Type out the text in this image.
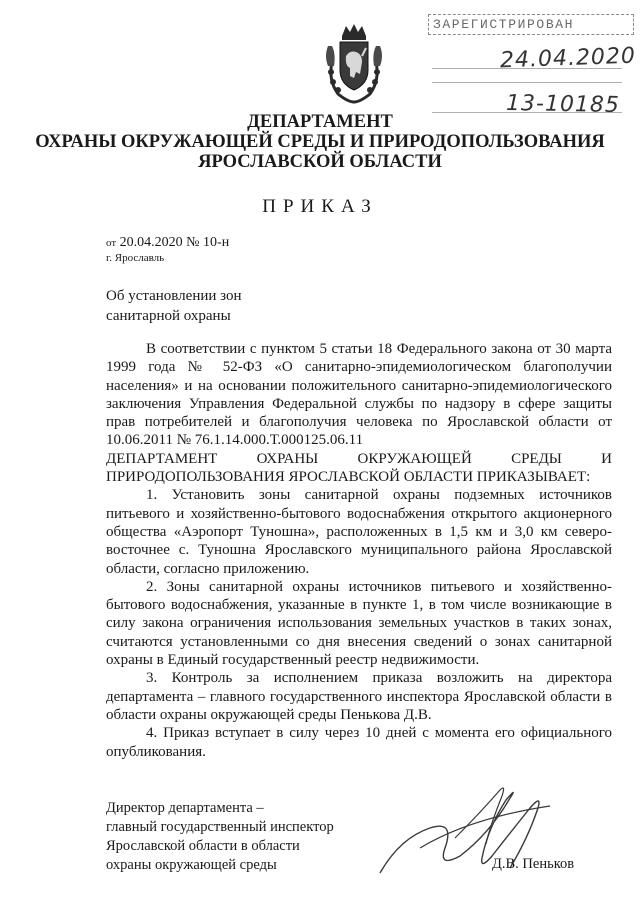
ЗАРЕГИСТРИРОВАН
24.04.2020
13-10185
ДЕПАРТАМЕНТ
ОХРАНЫ ОКРУЖАЮЩЕЙ СРЕДЫ И ПРИРОДОПОЛЬЗОВАНИЯ
ЯРОСЛАВСКОЙ ОБЛАСТИ
ПРИКАЗ
от 20.04.2020 № 10-н
г. Ярославль
Об установлении зон
санитарной охраны

В соответствии с пунктом 5 статьи 18 Федерального закона от 30 марта 1999 года № 52-ФЗ «О санитарно-эпидемиологическом благополучии населения» и на основании положительного санитарно-эпидемиологического заключения Управления Федеральной службы по надзору в сфере защиты прав потребителей и благополучия человека по Ярославской области от 10.06.2011 № 76.1.14.000.Т.000125.06.11

ДЕПАРТАМЕНТ ОХРАНЫ ОКРУЖАЮЩЕЙ СРЕДЫ И

ПРИРОДОПОЛЬЗОВАНИЯ ЯРОСЛАВСКОЙ ОБЛАСТИ ПРИКАЗЫВАЕТ:

1. Установить зоны санитарной охраны подземных источников питьевого и хозяйственно-бытового водоснабжения открытого акционерного общества «Аэропорт Туношна», расположенных в 1,5 км и 3,0 км северо-восточнее с. Туношна Ярославского муниципального района Ярославской области, согласно приложению.

2. Зоны санитарной охраны источников питьевого и хозяйственно-бытового водоснабжения, указанные в пункте 1, в том числе возникающие в силу закона ограничения использования земельных участков в таких зонах, считаются установленными со дня внесения сведений о зонах санитарной охраны в Единый государственный реестр недвижимости.

3. Контроль за исполнением приказа возложить на директора департамента – главного государственного инспектора Ярославской области в области охраны окружающей среды Пенькова Д.В.

4. Приказ вступает в силу через 10 дней с момента его официального опубликования.

Директор департамента –
главный государственный инспектор
Ярославской области в области
охраны окружающей среды	Д.В. Пеньков
